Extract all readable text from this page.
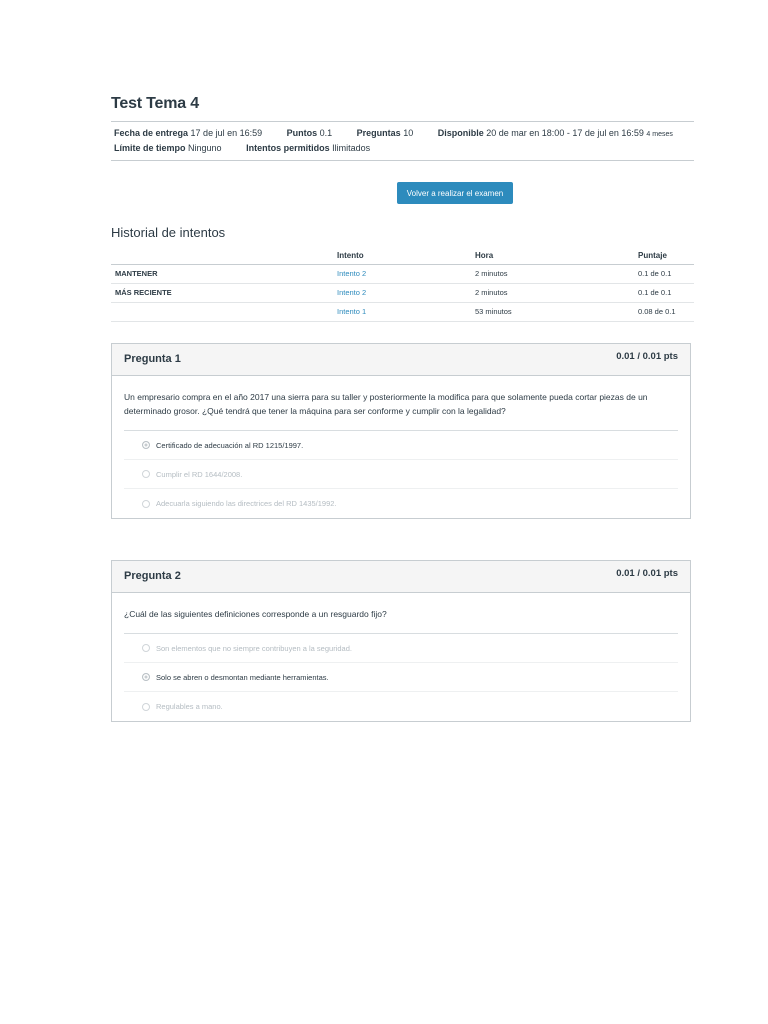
Test Tema 4
Fecha de entrega 17 de jul en 16:59	Puntos 0.1	Preguntas 10	Disponible 20 de mar en 18:00 - 17 de jul en 16:59 4 meses
Límite de tiempo Ninguno	Intentos permitidos Ilimitados
Volver a realizar el examen
Historial de intentos
	Intento	Hora	Puntaje
MANTENER	Intento 2	2 minutos	0.1 de 0.1
MÁS RECIENTE	Intento 2	2 minutos	0.1 de 0.1
	Intento 1	53 minutos	0.08 de 0.1
Pregunta 1	0.01 / 0.01 pts
Un empresario compra en el año 2017 una sierra para su taller y posteriormente la modifica para que solamente pueda cortar piezas de un determinado grosor. ¿Qué tendrá que tener la máquina para ser conforme y cumplir con la legalidad?
Certificado de adecuación al RD 1215/1997.
Cumplir el RD 1644/2008.
Adecuarla siguiendo las directrices del RD 1435/1992.
Pregunta 2	0.01 / 0.01 pts
¿Cuál de las siguientes definiciones corresponde a un resguardo fijo?
Son elementos que no siempre contribuyen a la seguridad.
Solo se abren o desmontan mediante herramientas.
Regulables a mano.
